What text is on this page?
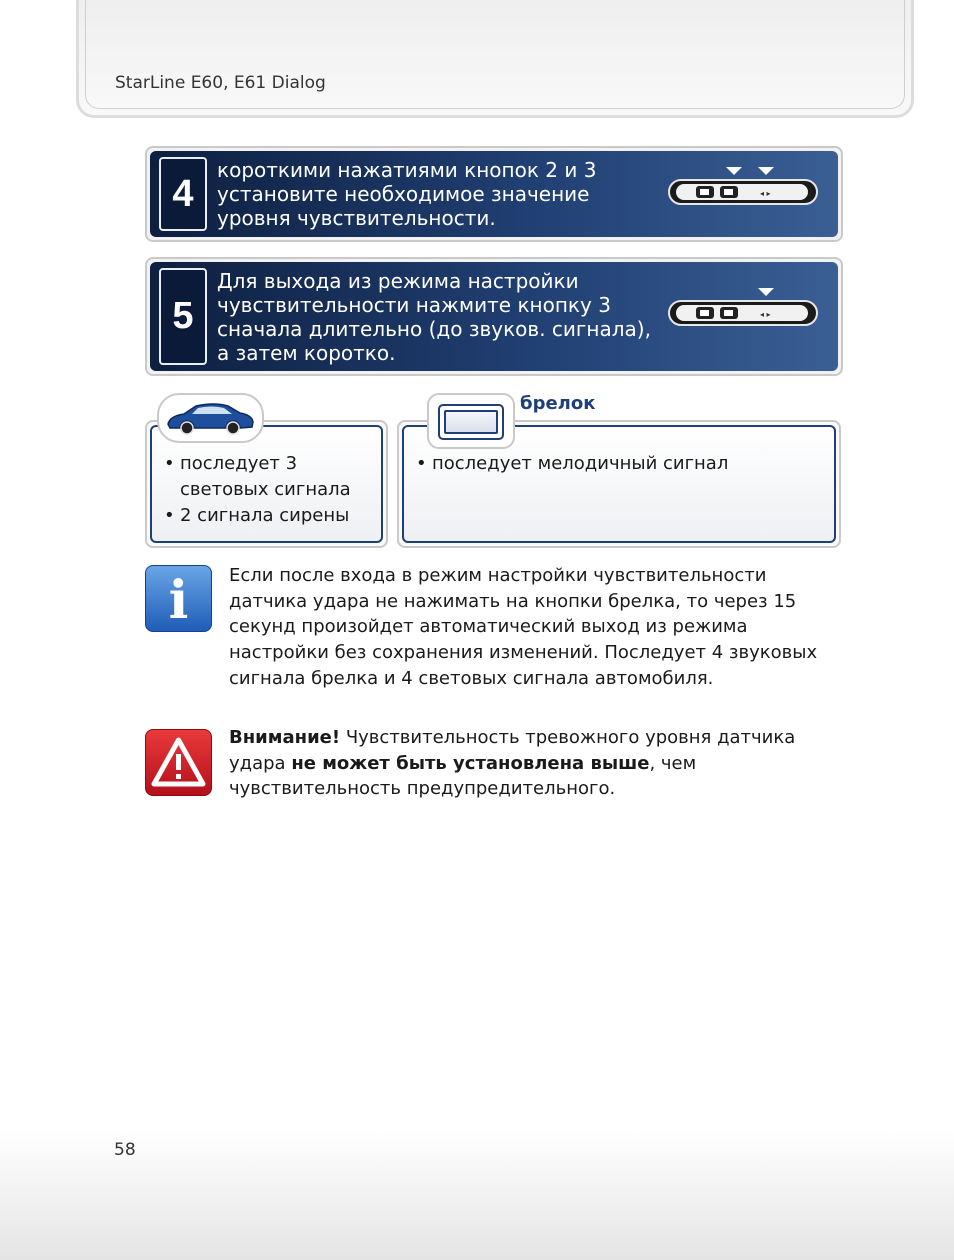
StarLine E60, E61 Dialog
4
короткими нажатиями кнопок 2 и 3 установите необходимое значение уровня чувствительности.
◂ ▸
5
Для выхода из режима настройки чувствительности нажмите кнопку 3 сначала длительно (до звуков. сигнала), а затем коротко.
◂ ▸
• последует 3 световых сигнала
• 2 сигнала сирены
• последует мелодичный сигнал
брелок
i	Если после входа в режим настройки чувствительности датчика удара не нажимать на кнопки брелка, то через 15 секунд произойдет автоматический выход из режима настройки без сохранения изменений. Последует 4 звуковых сигнала брелка и 4 световых сигнала автомобиля.
Внимание! Чувствительность тревожного уровня датчика удара не может быть установлена выше, чем чувствительность предупредительного.
58
